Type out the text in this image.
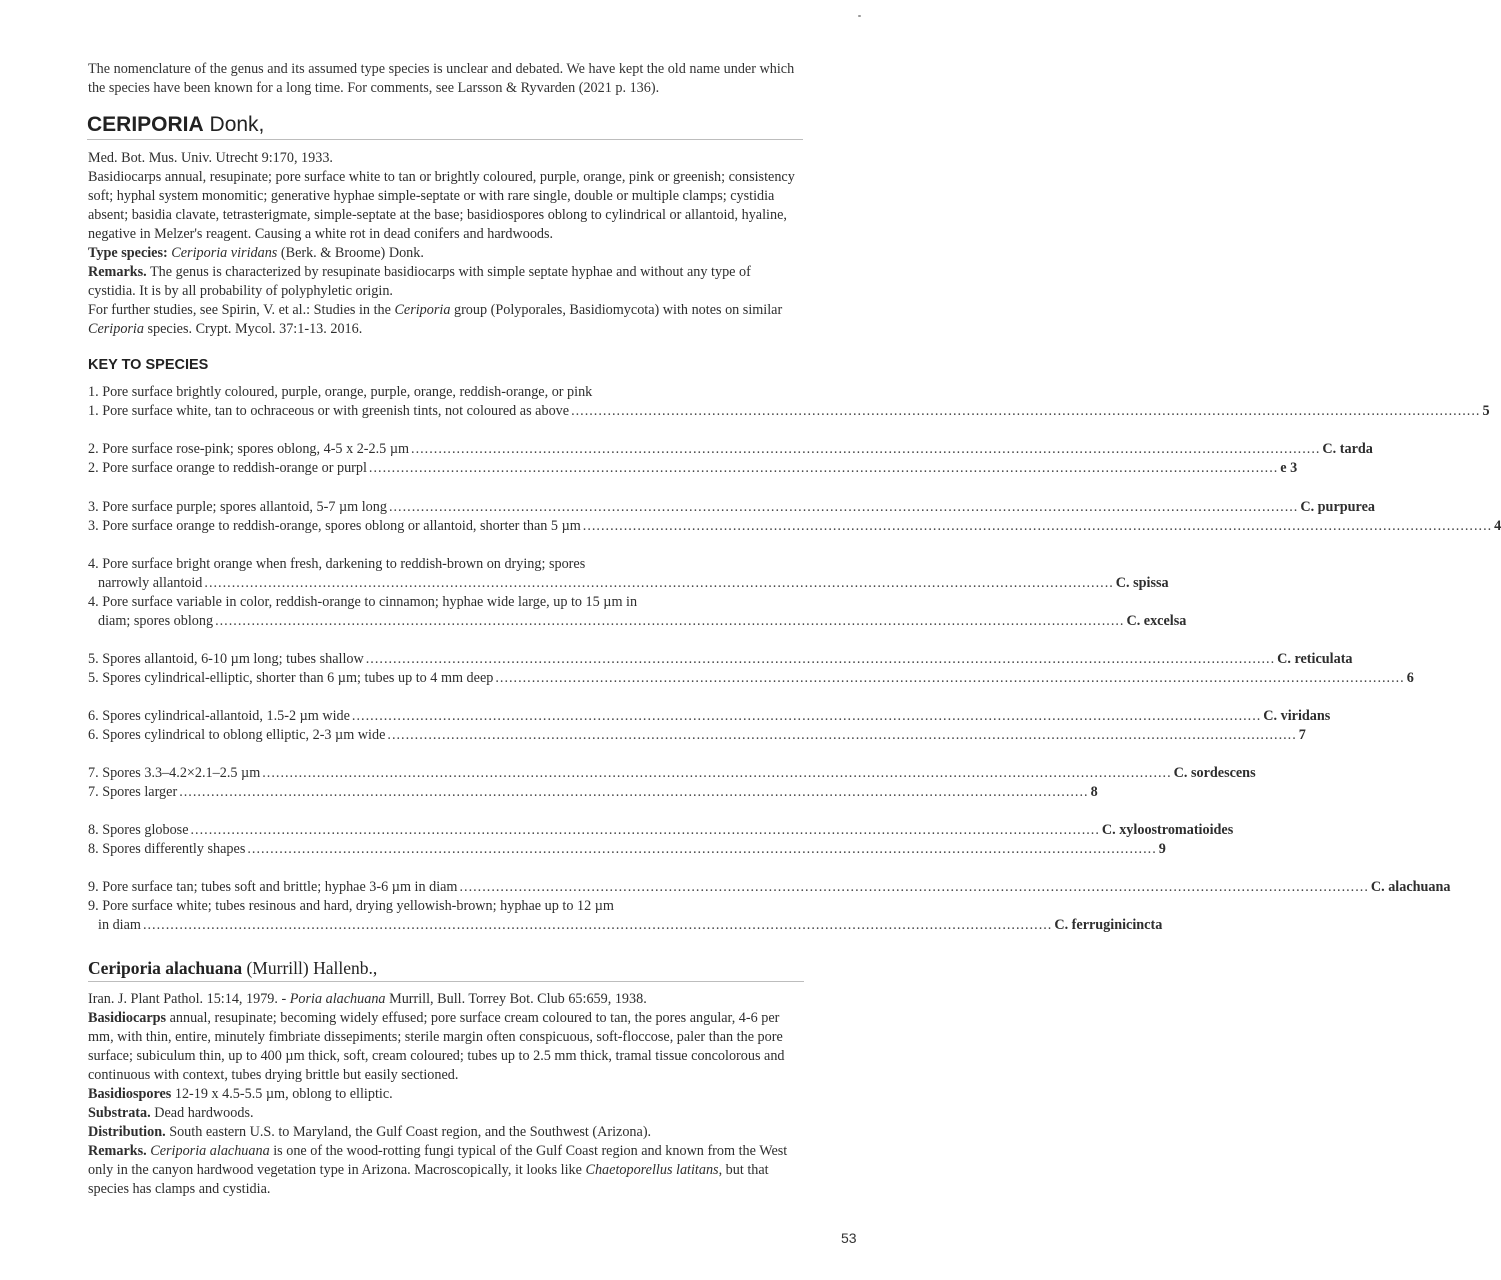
The nomenclature of the genus and its assumed type species is unclear and debated. We have kept the old name under which the species have been known for a long time. For comments, see Larsson & Ryvarden (2021 p. 136).
CERIPORIA Donk,

Med. Bot. Mus. Univ. Utrecht 9:170, 1933.

Basidiocarps annual, resupinate; pore surface white to tan or brightly coloured, purple, orange, pink or greenish; consistency soft; hyphal system monomitic; generative hyphae simple-septate or with rare single, double or multiple clamps; cystidia absent; basidia clavate, tetrasterigmate, simple-septate at the base; basidiospores oblong to cylindrical or allantoid, hyaline, negative in Melzer's reagent. Causing a white rot in dead conifers and hardwoods.

Type species: Ceriporia viridans (Berk. & Broome) Donk.

Remarks. The genus is characterized by resupinate basidiocarps with simple septate hyphae and without any type of cystidia. It is by all probability of polyphyletic origin.

For further studies, see Spirin, V. et al.: Studies in the Ceriporia group (Polyporales, Basidiomycota) with notes on similar Ceriporia species. Crypt. Mycol. 37:1-13. 2016.

KEY TO SPECIES
1. Pore surface brightly coloured, purple, orange, purple, orange, reddish-orange, or pink
1. Pore surface white, tan to ochraceous or with greenish tints, not coloured as above ........................................................................................................................................................................................................ 5
2. Pore surface rose-pink; spores oblong, 4-5 x 2-2.5 µm ........................................................................................................................................................................................................ C. tarda
2. Pore surface orange to reddish-orange or purpl ........................................................................................................................................................................................................ e 3
3. Pore surface purple; spores allantoid, 5-7 µm long ........................................................................................................................................................................................................ C. purpurea
3. Pore surface orange to reddish-orange, spores oblong or allantoid, shorter than 5 µm ........................................................................................................................................................................................................ 4
4. Pore surface bright orange when fresh, darkening to reddish-brown on drying; spores
narrowly allantoid ........................................................................................................................................................................................................ C. spissa
4. Pore surface variable in color, reddish-orange to cinnamon; hyphae wide large, up to 15 µm in
diam; spores oblong ........................................................................................................................................................................................................ C. excelsa
5. Spores allantoid, 6-10 µm long; tubes shallow ........................................................................................................................................................................................................ C. reticulata
5. Spores cylindrical-elliptic, shorter than 6 µm; tubes up to 4 mm deep ........................................................................................................................................................................................................ 6
6. Spores cylindrical-allantoid, 1.5-2 µm wide ........................................................................................................................................................................................................ C. viridans
6. Spores cylindrical to oblong elliptic, 2-3 µm wide ........................................................................................................................................................................................................ 7
7. Spores 3.3–4.2×2.1–2.5 µm ........................................................................................................................................................................................................ C. sordescens
7. Spores larger ........................................................................................................................................................................................................ 8
8. Spores globose ........................................................................................................................................................................................................ C. xyloostromatioides
8. Spores differently shapes ........................................................................................................................................................................................................ 9
9. Pore surface tan; tubes soft and brittle; hyphae 3-6 µm in diam ........................................................................................................................................................................................................ C. alachuana
9. Pore surface white; tubes resinous and hard, drying yellowish-brown; hyphae up to 12 µm
in diam ........................................................................................................................................................................................................ C. ferruginicincta
Ceriporia alachuana (Murrill) Hallenb.,

Iran. J. Plant Pathol. 15:14, 1979. - Poria alachuana Murrill, Bull. Torrey Bot. Club 65:659, 1938.

Basidiocarps annual, resupinate; becoming widely effused; pore surface cream coloured to tan, the pores angular, 4-6 per mm, with thin, entire, minutely fimbriate dissepiments; sterile margin often conspicuous, soft-floccose, paler than the pore surface; subiculum thin, up to 400 µm thick, soft, cream coloured; tubes up to 2.5 mm thick, tramal tissue concolorous and continuous with context, tubes drying brittle but easily sectioned.

Basidiospores 12-19 x 4.5-5.5 µm, oblong to elliptic.

Substrata. Dead hardwoods.

Distribution. South eastern U.S. to Maryland, the Gulf Coast region, and the Southwest (Arizona).

Remarks. Ceriporia alachuana is one of the wood-rotting fungi typical of the Gulf Coast region and known from the West only in the canyon hardwood vegetation type in Arizona. Macroscopically, it looks like Chaetoporellus latitans, but that species has clamps and cystidia.

53
